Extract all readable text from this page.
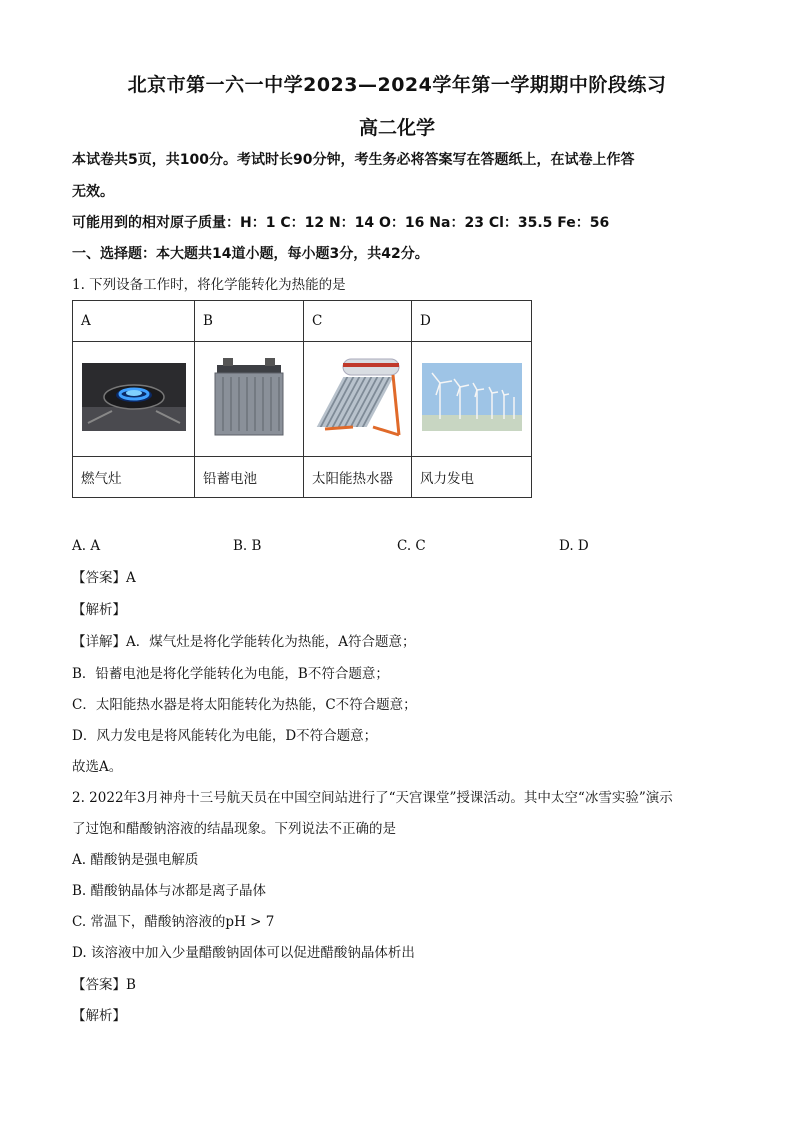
北京市第一六一中学2023—2024学年第一学期期中阶段练习
高二化学
本试卷共5页，共100分。考试时长90分钟，考生务必将答案写在答题纸上，在试卷上作答
无效。
可能用到的相对原子质量：H：1 C：12 N：14 O：16 Na：23 Cl：35.5 Fe：56
一、选择题：本大题共14道小题，每小题3分，共42分。
1. 下列设备工作时，将化学能转化为热能的是
A	B	C	D

燃气灶	铅蓄电池	太阳能热水器	风力发电
A. A	B. B	C. C	D. D
【答案】A
【解析】
【详解】A．煤气灶是将化学能转化为热能，A符合题意；
B．铅蓄电池是将化学能转化为电能，B不符合题意；
C．太阳能热水器是将太阳能转化为热能，C不符合题意；
D．风力发电是将风能转化为电能，D不符合题意；
故选A。
2. 2022年3月神舟十三号航天员在中国空间站进行了“天宫课堂”授课活动。其中太空“冰雪实验”演示
了过饱和醋酸钠溶液的结晶现象。下列说法不正确的是
A. 醋酸钠是强电解质
B. 醋酸钠晶体与冰都是离子晶体
C. 常温下，醋酸钠溶液的pH > 7
D. 该溶液中加入少量醋酸钠固体可以促进醋酸钠晶体析出
【答案】B
【解析】
